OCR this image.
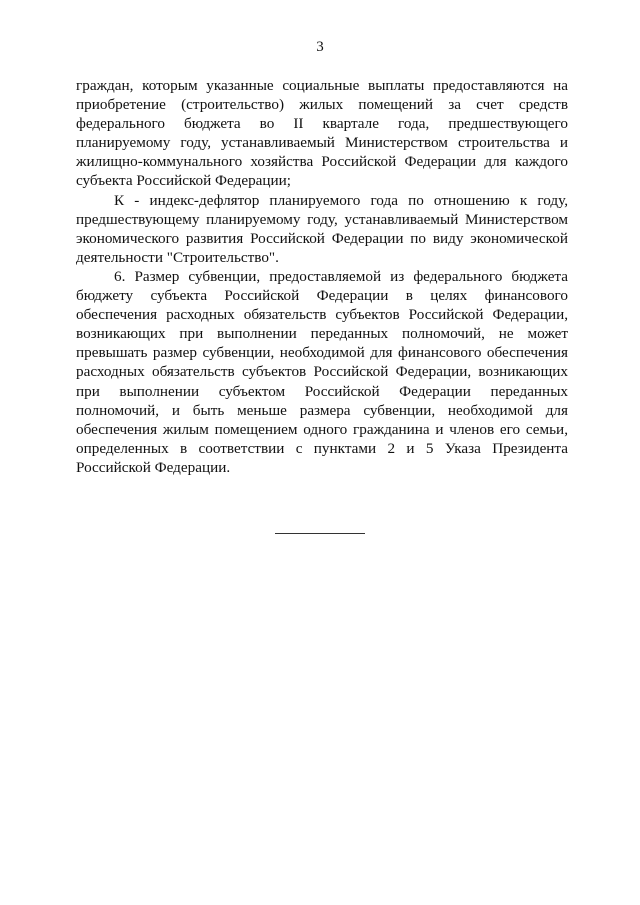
3

граждан, которым указанные социальные выплаты предоставляются на приобретение (строительство) жилых помещений за счет средств федерального бюджета во II квартале года, предшествующего планируемому году, устанавливаемый Министерством строительства и жилищно-коммунального хозяйства Российской Федерации для каждого субъекта Российской Федерации;

К - индекс-дефлятор планируемого года по отношению к году, предшествующему планируемому году, устанавливаемый Министерством экономического развития Российской Федерации по виду экономической деятельности "Строительство".

6. Размер субвенции, предоставляемой из федерального бюджета бюджету субъекта Российской Федерации в целях финансового обеспечения расходных обязательств субъектов Российской Федерации, возникающих при выполнении переданных полномочий, не может превышать размер субвенции, необходимой для финансового обеспечения расходных обязательств субъектов Российской Федерации, возникающих при выполнении субъектом Российской Федерации переданных полномочий, и быть меньше размера субвенции, необходимой для обеспечения жилым помещением одного гражданина и членов его семьи, определенных в соответствии с пунктами 2 и 5 Указа Президента Российской Федерации.
